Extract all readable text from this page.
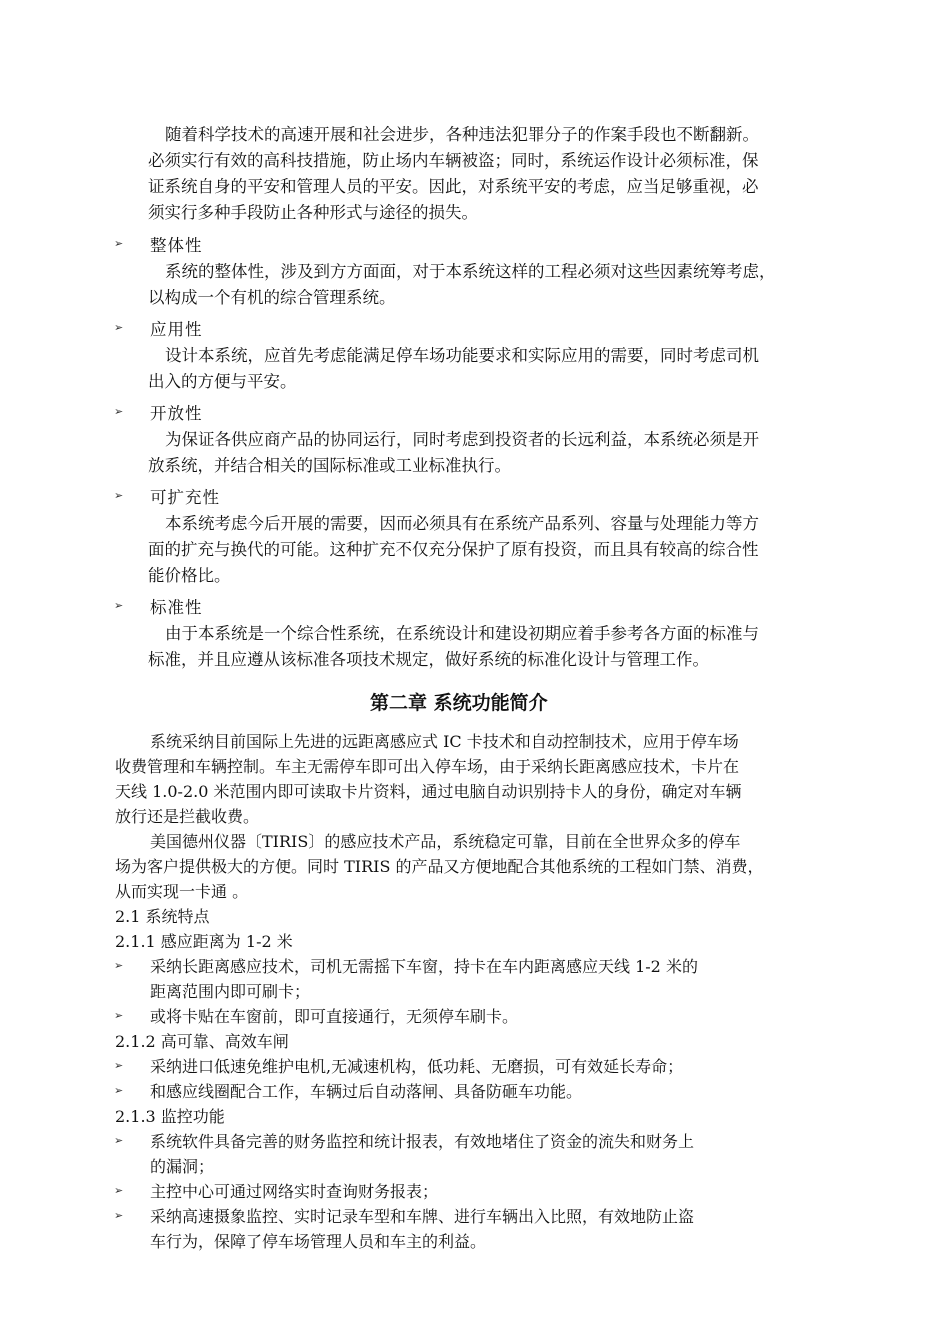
随着科学技术的高速开展和社会进步，各种违法犯罪分子的作案手段也不断翻新。
必须实行有效的高科技措施，防止场内车辆被盗；同时，系统运作设计必须标准，保
证系统自身的平安和管理人员的平安。因此，对系统平安的考虑，应当足够重视，必
须实行多种手段防止各种形式与途径的损失。
➢ 整体性
系统的整体性，涉及到方方面面，对于本系统这样的工程必须对这些因素统筹考虑，
以构成一个有机的综合管理系统。
➢ 应用性
设计本系统，应首先考虑能满足停车场功能要求和实际应用的需要，同时考虑司机
出入的方便与平安。
➢ 开放性
为保证各供应商产品的协同运行，同时考虑到投资者的长远利益，本系统必须是开
放系统，并结合相关的国际标准或工业标准执行。
➢ 可扩充性
本系统考虑今后开展的需要，因而必须具有在系统产品系列、容量与处理能力等方
面的扩充与换代的可能。这种扩充不仅充分保护了原有投资，而且具有较高的综合性
能价格比。
➢ 标准性
由于本系统是一个综合性系统，在系统设计和建设初期应着手参考各方面的标准与
标准，并且应遵从该标准各项技术规定，做好系统的标准化设计与管理工作。
第二章 系统功能简介
系统采纳目前国际上先进的远距离感应式 IC 卡技术和自动控制技术，应用于停车场
收费管理和车辆控制。车主无需停车即可出入停车场，由于采纳长距离感应技术，卡片在
天线 1.0-2.0 米范围内即可读取卡片资料，通过电脑自动识别持卡人的身份，确定对车辆
放行还是拦截收费。
美国德州仪器〔TIRIS〕的感应技术产品，系统稳定可靠，目前在全世界众多的停车
场为客户提供极大的方便。同时 TIRIS 的产品又方便地配合其他系统的工程如门禁、消费，
从而实现一卡通 。
2.1 系统特点
2.1.1 感应距离为 1-2 米
➢ 采纳长距离感应技术，司机无需摇下车窗，持卡在车内距离感应天线 1-2 米的
距离范围内即可刷卡；
➢ 或将卡贴在车窗前，即可直接通行，无须停车刷卡。
2.1.2 高可靠、高效车闸
➢ 采纳进口低速免维护电机,无减速机构，低功耗、无磨损，可有效延长寿命；
➢ 和感应线圈配合工作，车辆过后自动落闸、具备防砸车功能。
2.1.3 监控功能
➢ 系统软件具备完善的财务监控和统计报表，有效地堵住了资金的流失和财务上
的漏洞；
➢ 主控中心可通过网络实时查询财务报表；
➢ 采纳高速摄象监控、实时记录车型和车牌、进行车辆出入比照，有效地防止盗
车行为，保障了停车场管理人员和车主的利益。
